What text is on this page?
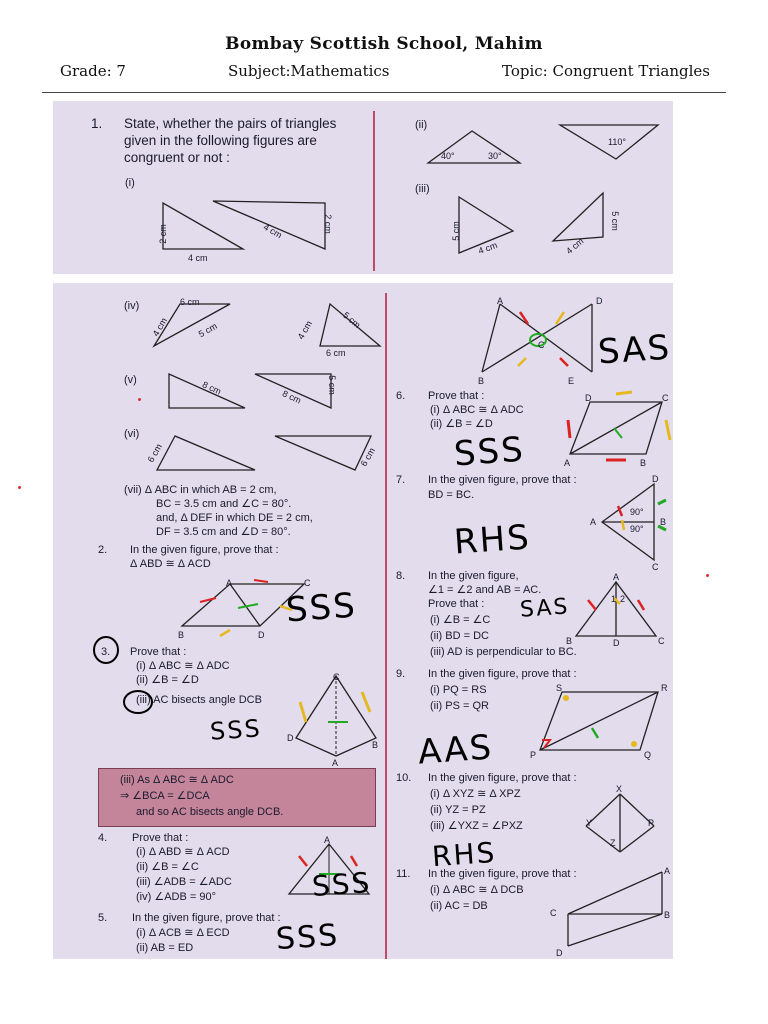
Bombay Scottish School, Mahim
Grade: 7	Subject:Mathematics	Topic: Congruent Triangles
1. State, whether the pairs of triangles
given in the following figures are
congruent or not :
(i)
2 cm
4 cm
4 cm	2 cm
(ii)
40°	30°
110°
(iii)
5 cm
4 cm	4 cm
5 cm
(iv)	6 cm
4 cm	5 cm	5 cm
4 cm
6 cm
(v)	8 cm
8 cm
5 cm
(vi)
6 cm	6 cm
(vii) Δ ABC in which AB = 2 cm,
BC = 3.5 cm and ∠C = 80°.
and, Δ DEF in which DE = 2 cm,
DF = 3.5 cm and ∠D = 80°.
2. In the given figure, prove that :
Δ ABD ≅ Δ ACD
A	C
B	D
SSS
3. Prove that :
(i) Δ ABC ≅ Δ ADC
(ii) ∠B = ∠D
(iii) AC bisects angle DCB
C
D
B
A
SSS
(iii) As Δ ABC ≅ Δ ADC
⇒ ∠BCA = ∠DCA
and so AC bisects angle DCB.
4. Prove that :
(i) Δ ABD ≅ Δ ACD
(ii) ∠B = ∠C
(iii) ∠ADB = ∠ADC
(iv) ∠ADB = 90°
A
SSS
5. In the given figure, prove that :
(i) Δ ACB ≅ Δ ECD
(ii) AB = ED	SSS
A
C
D
E
B
SAS
6. Prove that :
(i) Δ ABC ≅ Δ ADC
(ii) ∠B = ∠D
D	C
A	B
SSS
7. In the given figure, prove that :
BD = BC.
D
A	B
C
90°
90°
RHS
8. In the given figure,
∠1 = ∠2 and AB = AC.
Prove that :
(i) ∠B = ∠C
(ii) BD = DC
(iii) AD is perpendicular to BC.
A
1 2
B	D	C
SAS
9. In the given figure, prove that :
(i) PQ = RS
(ii) PS = QR
S	R
P	Q
AAS
10. In the given figure, prove that :
(i) Δ XYZ ≅ Δ XPZ
(ii) YZ = PZ
(iii) ∠YXZ = ∠PXZ
X
Y	P
Z
RHS
11. In the given figure, prove that :
(i) Δ ABC ≅ Δ DCB
(ii) AC = DB
A
C	B
D
